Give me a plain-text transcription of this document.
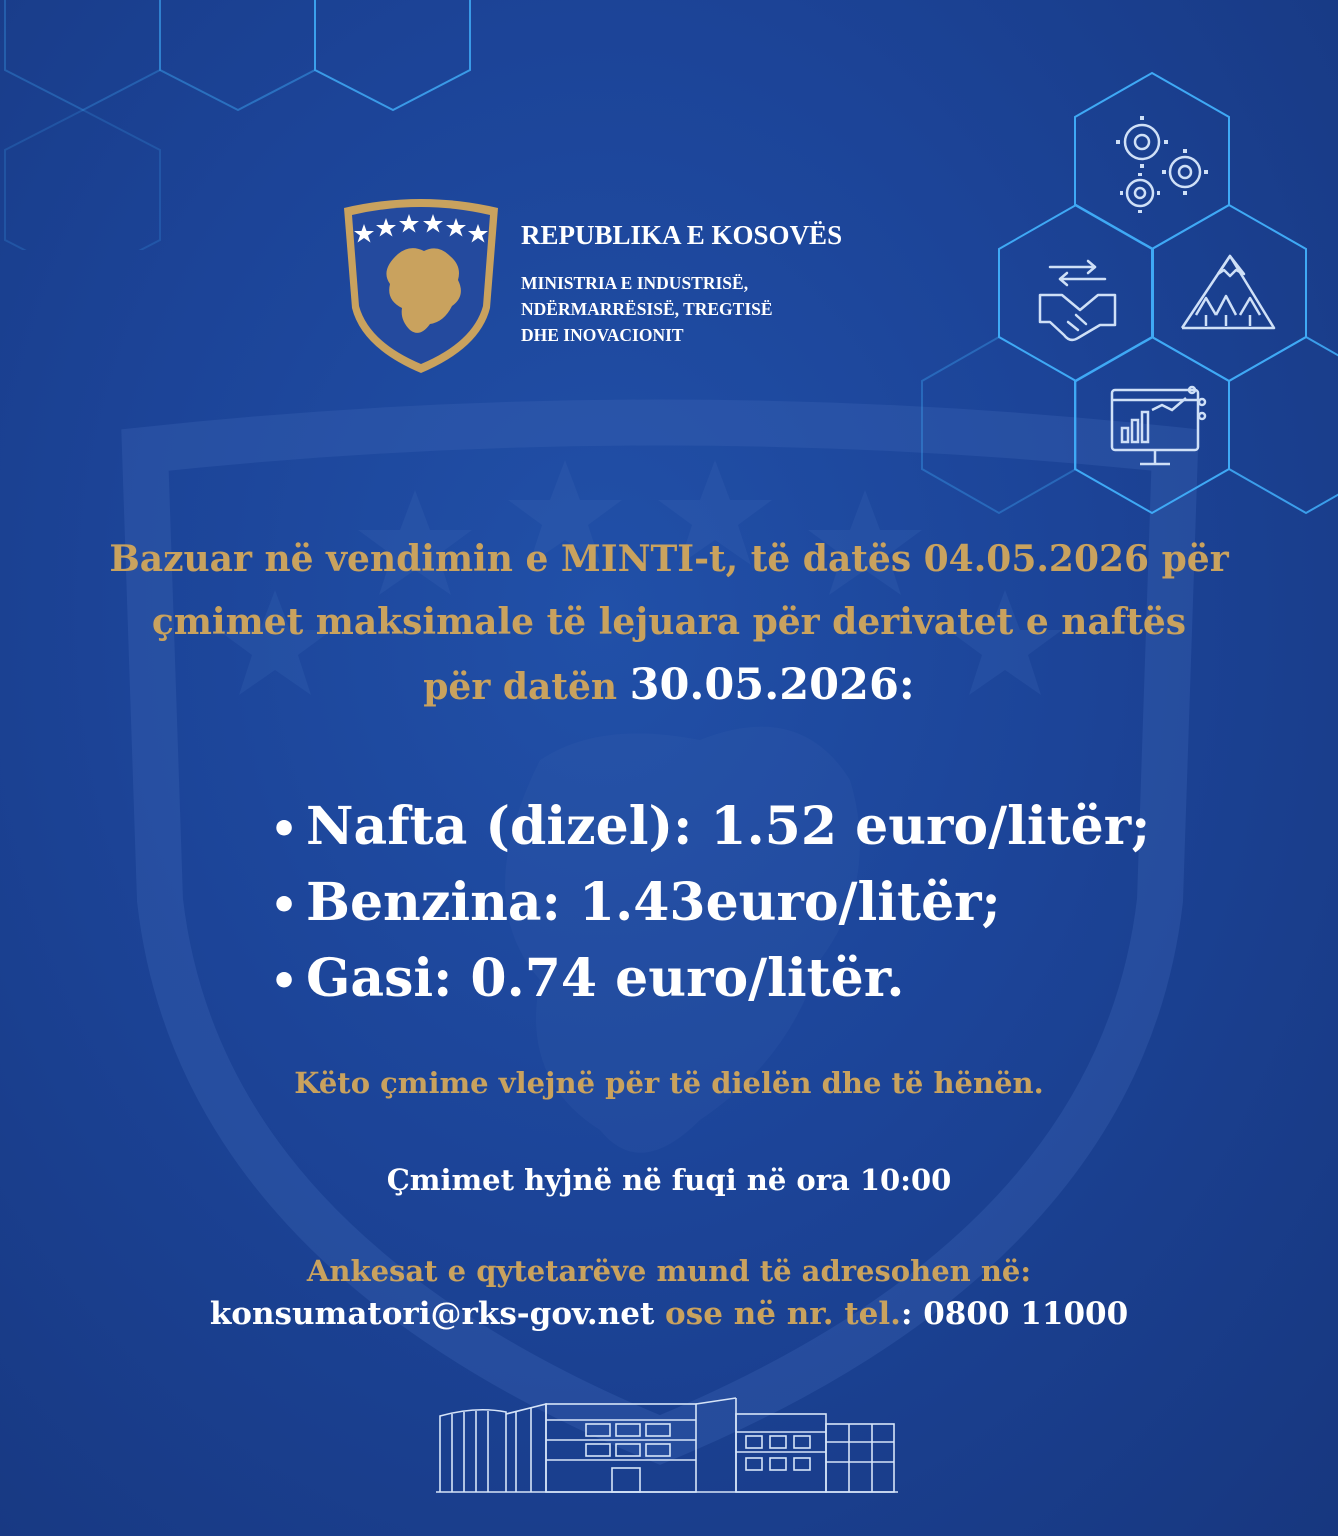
REPUBLIKA E KOSOVËS
MINISTRIA E INDUSTRISË,
NDËRMARRËSISË, TREGTISË
DHE INOVACIONIT
Bazuar në vendimin e MINTI-t, të datës 04.05.2026 për
çmimet maksimale të lejuara për derivatet e naftës
për datën 30.05.2026:
• Nafta (dizel): 1.52 euro/litër;
• Benzina: 1.43euro/litër;
• Gasi: 0.74 euro/litër.
Këto çmime vlejnë për të dielën dhe të hënën.
Çmimet hyjnë në fuqi në ora 10:00
Ankesat e qytetarëve mund të adresohen në:
konsumatori@rks-gov.net ose në nr. tel.: 0800 11000
